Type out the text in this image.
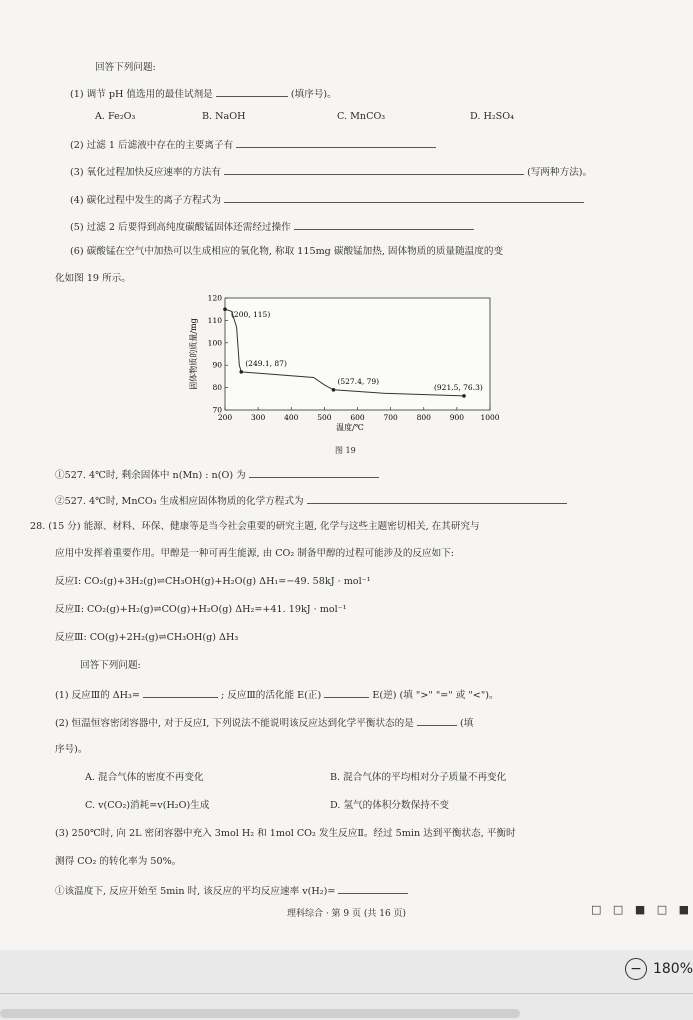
回答下列问题:
(1) 调节 pH 值选用的最佳试剂是	(填序号)。
A. Fe₂O₃	B. NaOH	C. MnCO₃	D. H₂SO₄
(2) 过滤 1 后滤液中存在的主要离子有
(3) 氧化过程加快反应速率的方法有	(写两种方法)。
(4) 碳化过程中发生的离子方程式为
(5) 过滤 2 后要得到高纯度碳酸锰固体还需经过操作
(6) 碳酸锰在空气中加热可以生成相应的氧化物, 称取 115mg 碳酸锰加热, 固体物质的质量随温度的变
化如图 19 所示。
200	300	400	500	600	700	800	900 1000
70
80
90
100
110
120
(200, 115)
(249.1, 87)
(527.4, 79)
(921.5, 76.3)
温度/℃
固体物质的质量/mg
图 19
①527. 4℃时, 剩余固体中 n(Mn) : n(O) 为
②527. 4℃时, MnCO₃ 生成相应固体物质的化学方程式为
28. (15 分) 能源、材料、环保、健康等是当今社会重要的研究主题, 化学与这些主题密切相关, 在其研究与
应用中发挥着重要作用。甲醇是一种可再生能源, 由 CO₂ 制备甲醇的过程可能涉及的反应如下:
反应Ⅰ: CO₂(g)+3H₂(g)⇌CH₃OH(g)+H₂O(g) ΔH₁=−49. 58kJ · mol⁻¹
反应Ⅱ: CO₂(g)+H₂(g)⇌CO(g)+H₂O(g) ΔH₂=+41. 19kJ · mol⁻¹
反应Ⅲ: CO(g)+2H₂(g)⇌CH₃OH(g) ΔH₃
回答下列问题:
(1) 反应Ⅲ的 ΔH₃=	; 反应Ⅲ的活化能 E(正)	E(逆) (填 ">" "=" 或 "<")。
(2) 恒温恒容密闭容器中, 对于反应Ⅰ, 下列说法不能说明该反应达到化学平衡状态的是	(填
序号)。
A. 混合气体的密度不再变化	B. 混合气体的平均相对分子质量不再变化
C. v(CO₂)消耗=v(H₂O)生成	D. 氢气的体积分数保持不变
(3) 250℃时, 向 2L 密闭容器中充入 3mol H₂ 和 1mol CO₂ 发生反应Ⅱ。经过 5min 达到平衡状态, 平衡时
测得 CO₂ 的转化率为 50%。
①该温度下, 反应开始至 5min 时, 该反应的平均反应速率 v(H₂)=
理科综合 · 第 9 页 (共 16 页)	□ □ ■ □ ■
− 180%
